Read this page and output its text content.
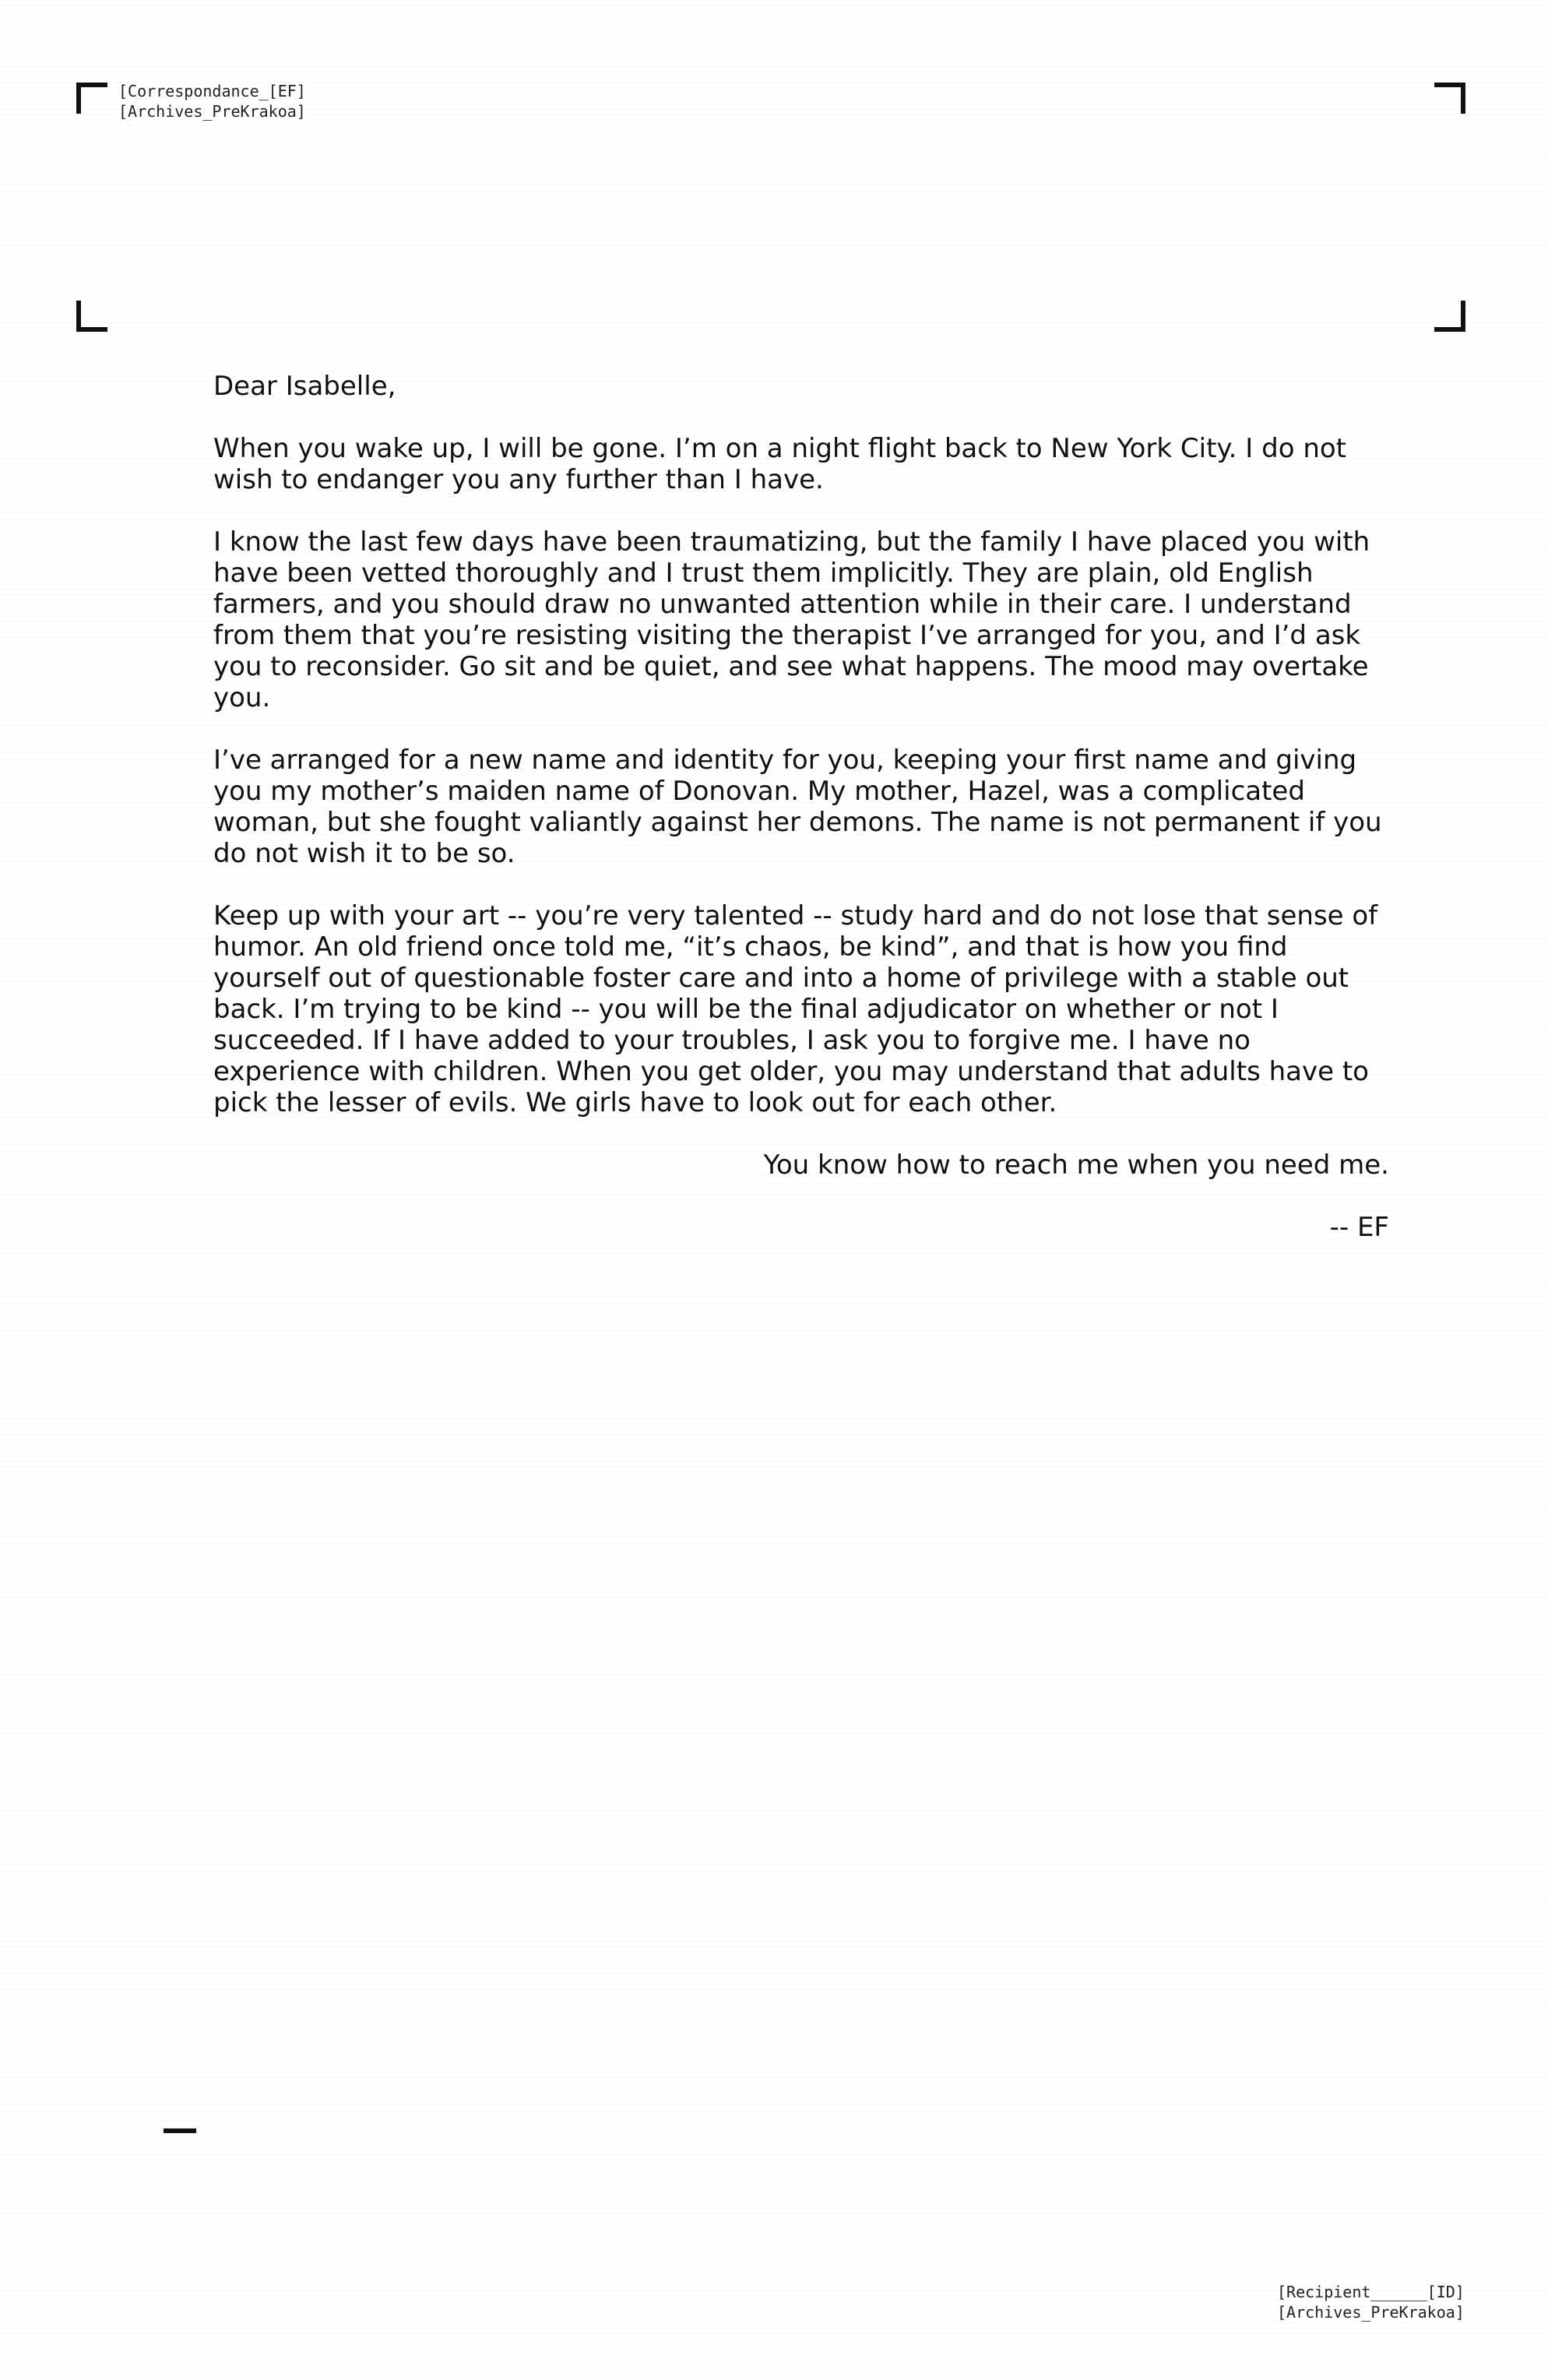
[Correspondance_[EF]
[Archives_PreKrakoa]

Dear Isabelle,

When you wake up, I will be gone. I’m on a night flight back to New York City. I do not wish to endanger you any further than I have.

I know the last few days have been traumatizing, but the family I have placed you with have been vetted thoroughly and I trust them implicitly. They are plain, old English farmers, and you should draw no unwanted attention while in their care. I understand from them that you’re resisting visiting the therapist I’ve arranged for you, and I’d ask you to reconsider. Go sit and be quiet, and see what happens. The mood may overtake you.

I’ve arranged for a new name and identity for you, keeping your first name and giving you my mother’s maiden name of Donovan. My mother, Hazel, was a complicated woman, but she fought valiantly against her demons. The name is not permanent if you do not wish it to be so.

Keep up with your art -- you’re very talented -- study hard and do not lose that sense of humor. An old friend once told me, “it’s chaos, be kind”, and that is how you find yourself out of questionable foster care and into a home of privilege with a stable out back. I’m trying to be kind -- you will be the final adjudicator on whether or not I succeeded. If I have added to your troubles, I ask you to forgive me. I have no experience with children. When you get older, you may understand that adults have to pick the lesser of evils. We girls have to look out for each other.

You know how to reach me when you need me.

-- EF

[Recipient______[ID]
[Archives_PreKrakoa]
